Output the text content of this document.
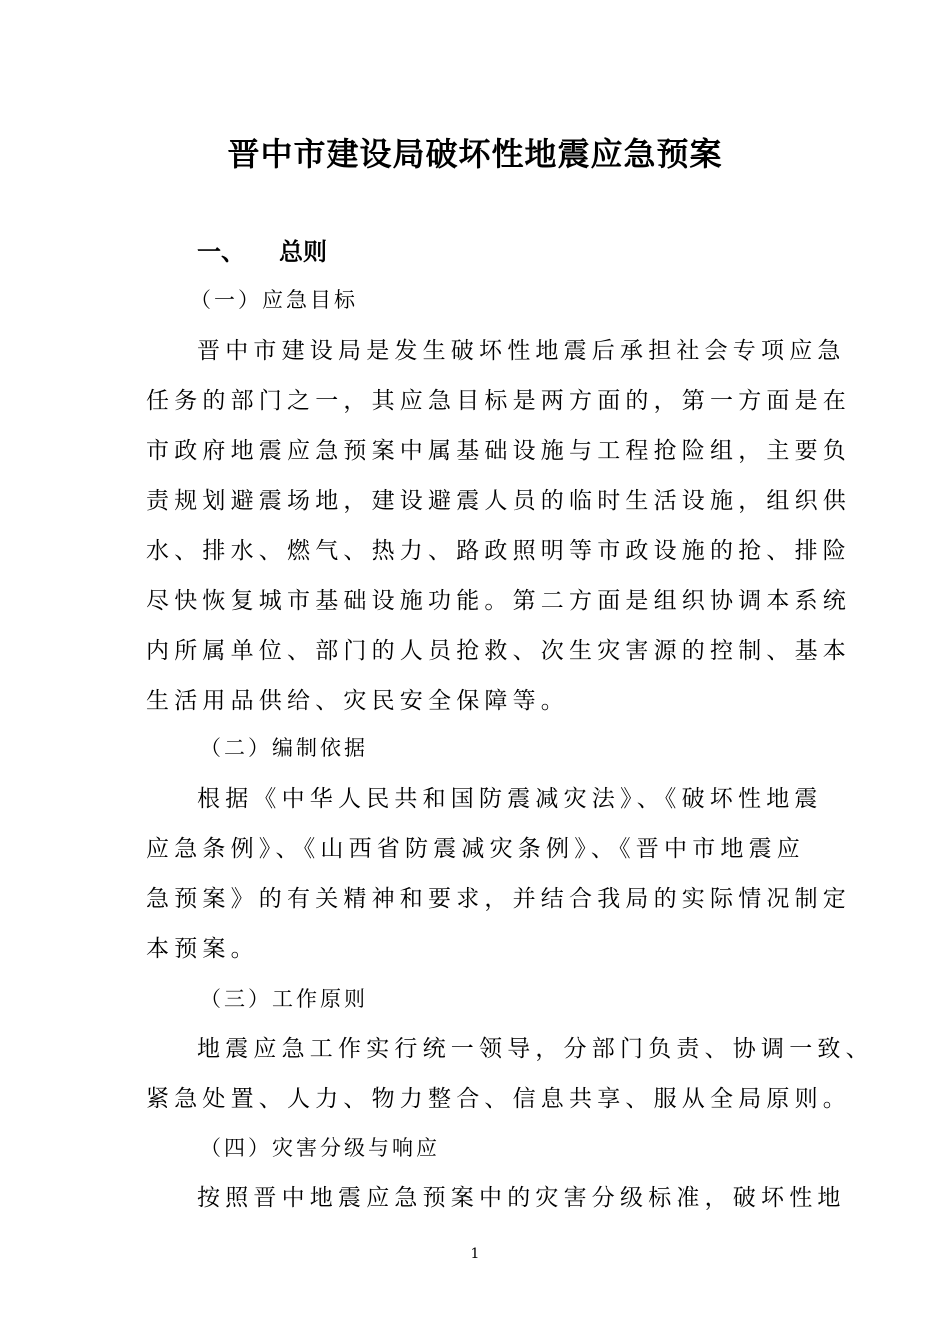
晋中市建设局破坏性地震应急预案
一、 总则
（一）应急目标
晋中市建设局是发生破坏性地震后承担社会专项应急
任务的部门之一，其应急目标是两方面的，第一方面是在
市政府地震应急预案中属基础设施与工程抢险组，主要负
责规划避震场地，建设避震人员的临时生活设施，组织供
水、排水、燃气、热力、路政照明等市政设施的抢、排险
尽快恢复城市基础设施功能。第二方面是组织协调本系统
内所属单位、部门的人员抢救、次生灾害源的控制、基本
生活用品供给、灾民安全保障等。
（二）编制依据
根据《中华人民共和国防震减灾法》、《破坏性地震
应急条例》、《山西省防震减灾条例》、《晋中市地震应
急预案》的有关精神和要求，并结合我局的实际情况制定
本预案。
（三）工作原则
地震应急工作实行统一领导，分部门负责、协调一致、
紧急处置、人力、物力整合、信息共享、服从全局原则。
（四）灾害分级与响应
按照晋中地震应急预案中的灾害分级标准，破坏性地
1
